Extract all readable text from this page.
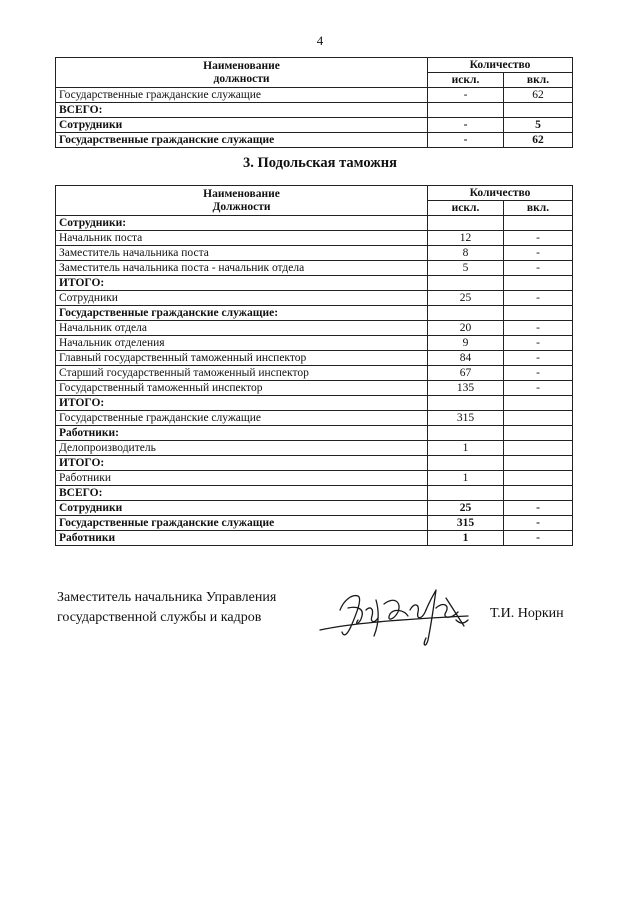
4
Наименование
должности	Количество	
	искл.	вкл.
Государственные гражданские служащие	-	62
ВСЕГО:		
Сотрудники	-	5
Государственные гражданские служащие	-	62
3. Подольская таможня
Наименование
Должности	Количество	
	искл.	вкл.
Сотрудники:		
Начальник поста	12	-
Заместитель начальника поста	8	-
Заместитель начальника поста - начальник отдела	5	-
ИТОГО:		
Сотрудники	25	-
Государственные гражданские служащие:		
Начальник отдела	20	-
Начальник отделения	9	-
Главный государственный таможенный инспектор	84	-
Старший государственный таможенный инспектор	67	-
Государственный таможенный инспектор	135	-
ИТОГО:		
Государственные гражданские служащие	315	
Работники:		
Делопроизводитель	1	
ИТОГО:		
Работники	1	
ВСЕГО:		
Сотрудники	25	-
Государственные гражданские служащие	315	-
Работники	1	-
Заместитель начальника Управления
государственной службы и кадров	Т.И. Норкин
